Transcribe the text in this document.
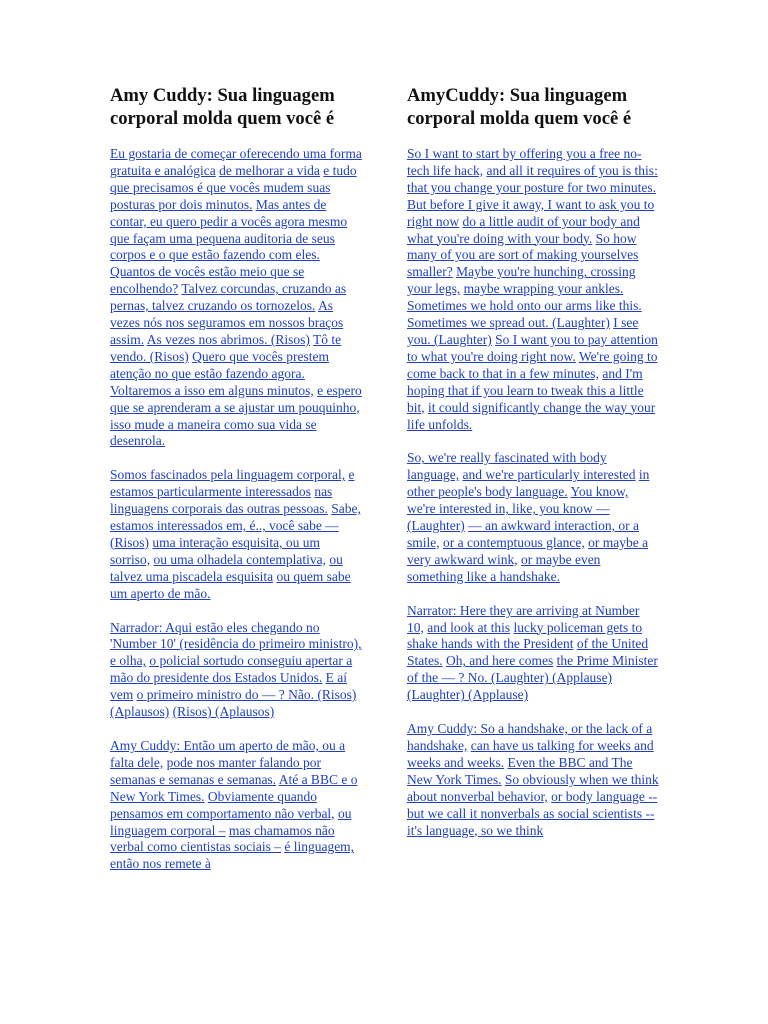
Amy Cuddy: Sua linguagem corporal molda quem você é

Eu gostaria de começar oferecendo uma forma gratuita e analógica de melhorar a vida e tudo que precisamos é que vocês mudem suas posturas por dois minutos. Mas antes de contar, eu quero pedir a vocês agora mesmo que façam uma pequena auditoria de seus corpos e o que estão fazendo com eles. Quantos de vocês estão meio que se encolhendo? Talvez corcundas, cruzando as pernas, talvez cruzando os tornozelos. As vezes nós nos seguramos em nossos braços assim. As vezes nos abrimos. (Risos) Tô te vendo. (Risos) Quero que vocês prestem atenção no que estão fazendo agora. Voltaremos a isso em alguns minutos, e espero que se aprenderam a se ajustar um pouquinho, isso mude a maneira como sua vida se desenrola.

Somos fascinados pela linguagem corporal, e estamos particularmente interessados nas linguagens corporais das outras pessoas. Sabe, estamos interessados em, é.., você sabe — (Risos) uma interação esquisita, ou um sorriso, ou uma olhadela contemplativa, ou talvez uma piscadela esquisita ou quem sabe um aperto de mão.

Narrador: Aqui estão eles chegando no 'Number 10' (residência do primeiro ministro), e olha, o policial sortudo conseguiu apertar a mão do presidente dos Estados Unidos. E aí vem o primeiro ministro do — ? Não. (Risos) (Aplausos) (Risos) (Aplausos)

Amy Cuddy: Então um aperto de mão, ou a falta dele, pode nos manter falando por semanas e semanas e semanas. Até a BBC e o New York Times. Obviamente quando pensamos em comportamento não verbal, ou linguagem corporal – mas chamamos não verbal como cientistas sociais – é linguagem, então nos remete à

AmyCuddy: Sua linguagem corporal molda quem você é

So I want to start by offering you a free no-tech life hack, and all it requires of you is this: that you change your posture for two minutes. But before I give it away, I want to ask you to right now do a little audit of your body and what you're doing with your body. So how many of you are sort of making yourselves smaller? Maybe you're hunching, crossing your legs, maybe wrapping your ankles. Sometimes we hold onto our arms like this. Sometimes we spread out. (Laughter) I see you. (Laughter) So I want you to pay attention to what you're doing right now. We're going to come back to that in a few minutes, and I'm hoping that if you learn to tweak this a little bit, it could significantly change the way your life unfolds.

So, we're really fascinated with body language, and we're particularly interested in other people's body language. You know, we're interested in, like, you know — (Laughter) — an awkward interaction, or a smile, or a contemptuous glance, or maybe a very awkward wink, or maybe even something like a handshake.

Narrator: Here they are arriving at Number 10, and look at this lucky policeman gets to shake hands with the President of the United States. Oh, and here comes the Prime Minister of the — ? No. (Laughter) (Applause) (Laughter) (Applause)

Amy Cuddy: So a handshake, or the lack of a handshake, can have us talking for weeks and weeks and weeks. Even the BBC and The New York Times. So obviously when we think about nonverbal behavior, or body language -- but we call it nonverbals as social scientists -- it's language, so we think
